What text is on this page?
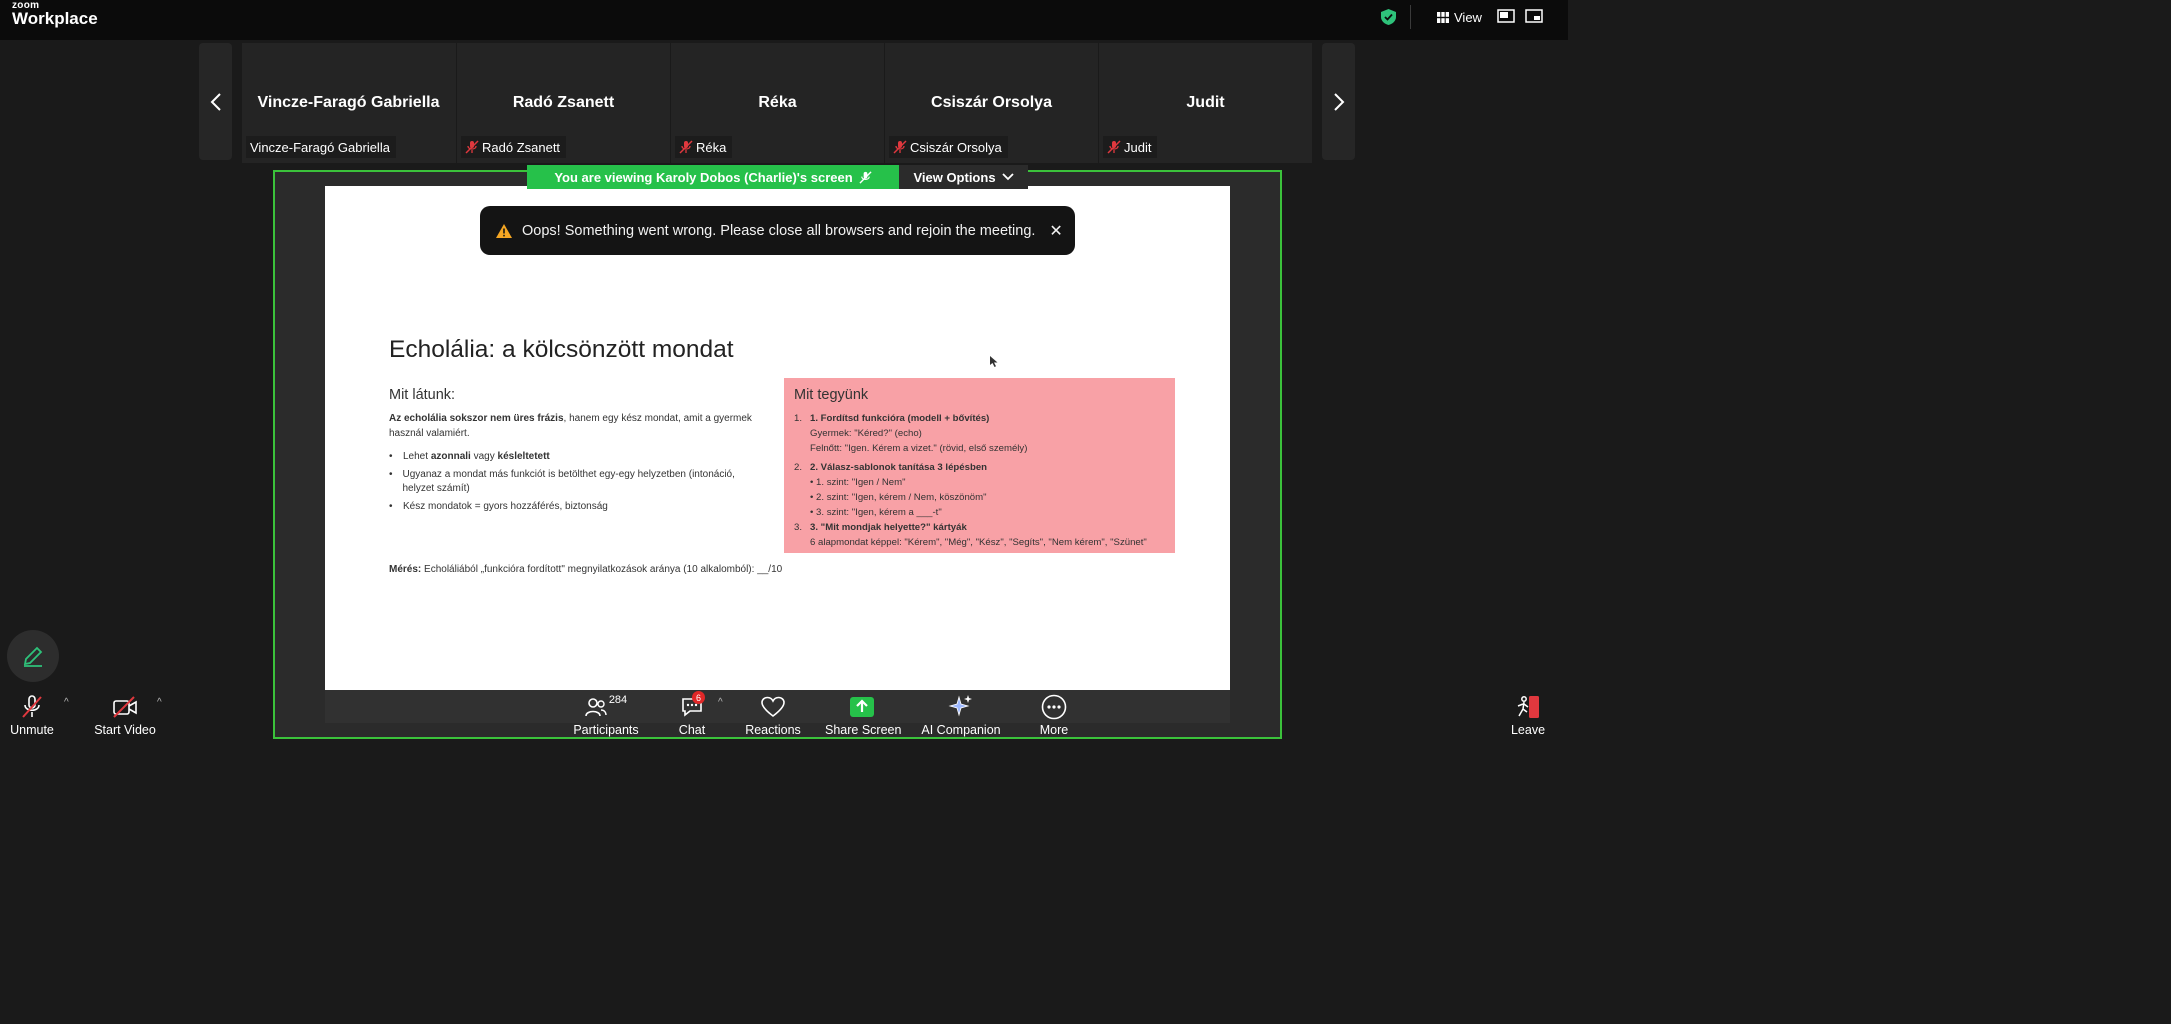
zoom
Workplace	View
Vincze-Faragó Gabriella
Vincze-Faragó Gabriella
Radó Zsanett
Radó Zsanett
Réka
Réka
Csiszár Orsolya
Csiszár Orsolya
Judit
Judit
You are viewing Karoly Dobos (Charlie)'s screen	View Options
Echolália: a kölcsönzött mondat
Mit látunk:
Az echolália sokszor nem üres frázis, hanem egy kész mondat, amit a gyermek használ valamiért.
• Lehet azonnali vagy késleltetett
• Ugyanaz a mondat más funkciót is betölthet egy-egy helyzetben (intonáció, helyzet számít)
• Kész mondatok = gyors hozzáférés, biztonság
Mérés: Echoláliából „funkcióra fordított" megnyilatkozások aránya (10 alkalomból): __/10
Mit tegyünk
1. 1. Fordítsd funkcióra (modell + bővítés)
Gyermek: "Kéred?" (echo)
Felnőtt: "Igen. Kérem a vizet." (rövid, első személy)
2. 2. Válasz-sablonok tanítása 3 lépésben
• 1. szint: "Igen / Nem"
• 2. szint: "Igen, kérem / Nem, köszönöm"
• 3. szint: "Igen, kérem a ___-t"
3. 3. "Mit mondjak helyette?" kártyák
6 alapmondat képpel: "Kérem", "Még", "Kész", "Segíts", "Nem kérem", "Szünet"
Oops! Something went wrong. Please close all browsers and rejoin the meeting. ✕
Unmute
^
Start Video
^	284
Participants
6
Chat
^
Reactions Share Screen AI Companion	More	Leave
